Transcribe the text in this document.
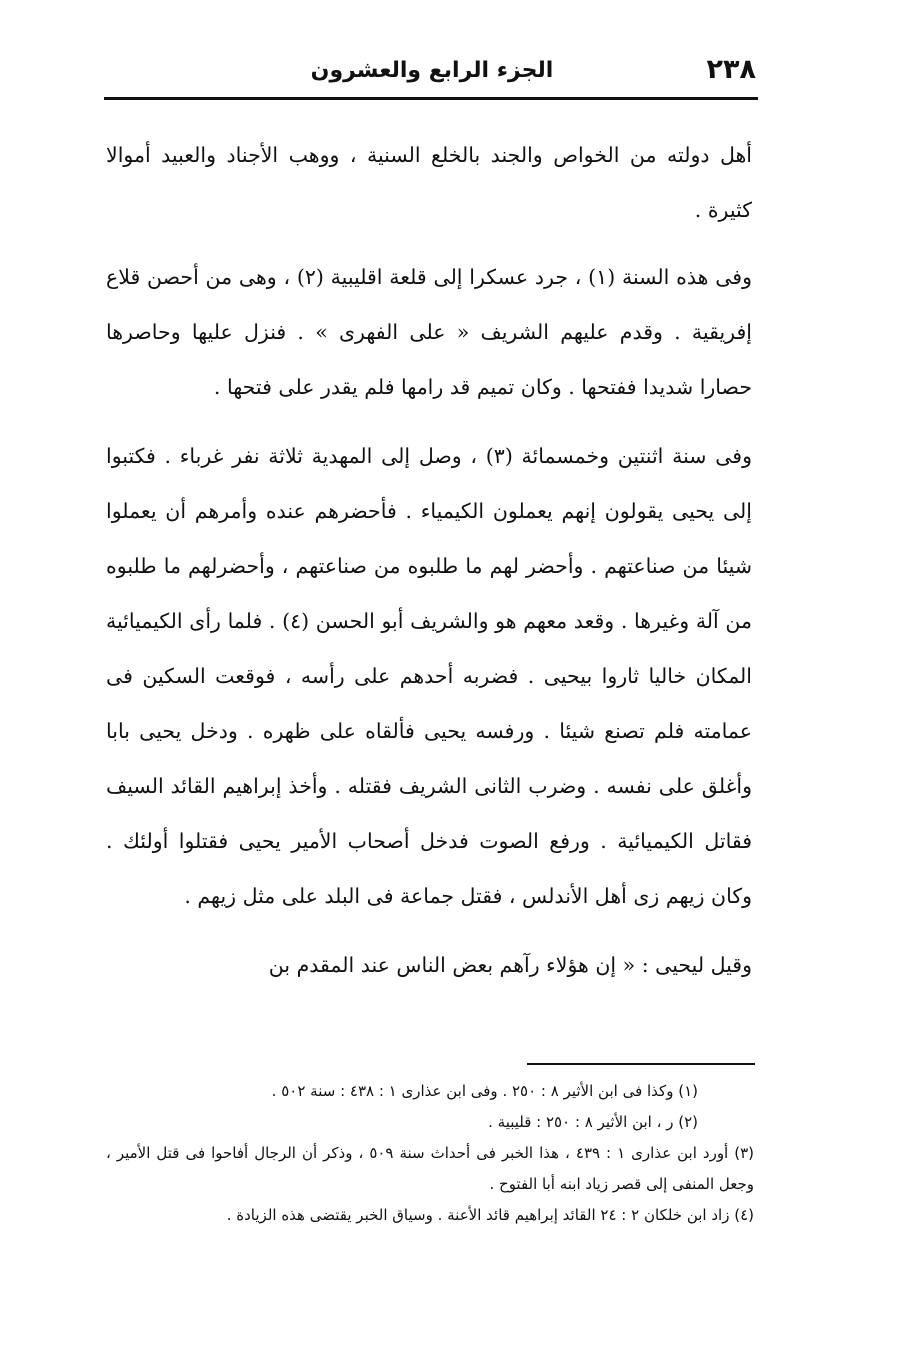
٢٣٨
الجزء الرابع والعشرون

أهل دولته من الخواص والجند بالخلع السنية ، ووهب الأجناد والعبيد أموالا كثيرة .

وفى هذه السنة (١) ، جرد عسكرا إلى قلعة اقليبية (٢) ، وهى من أحصن قلاع إفريقية . وقدم عليهم الشريف « على الفهرى » . فنزل عليها وحاصرها حصارا شديدا ففتحها . وكان تميم قد رامها فلم يقدر على فتحها .

وفى سنة اثنتين وخمسمائة (٣) ، وصل إلى المهدية ثلاثة نفر غرباء . فكتبوا إلى يحيى يقولون إنهم يعملون الكيمياء . فأحضرهم عنده وأمرهم أن يعملوا شيئا من صناعتهم . وأحضر لهم ما طلبوه من صناعتهم ، وأحضرلهم ما طلبوه من آلة وغيرها . وقعد معهم هو والشريف أبو الحسن (٤) . فلما رأى الكيميائية المكان خاليا ثاروا بيحيى . فضربه أحدهم على رأسه ، فوقعت السكين فى عمامته فلم تصنع شيئا . ورفسه يحيى فألقاه على ظهره . ودخل يحيى بابا وأغلق على نفسه . وضرب الثانى الشريف فقتله . وأخذ إبراهيم القائد السيف فقاتل الكيميائية . ورفع الصوت فدخل أصحاب الأمير يحيى فقتلوا أولئك . وكان زيهم زى أهل الأندلس ، فقتل جماعة فى البلد على مثل زيهم .

وقيل ليحيى : « إن هؤلاء رآهم بعض الناس عند المقدم بن

(١) وكذا فى ابن الأثير ٨ : ٢٥٠ . وفى ابن عذارى ١ : ٤٣٨ : سنة ٥٠٢ .

(٢) ر ، ابن الأثير ٨ : ٢٥٠ : قليبية .

(٣) أورد ابن عذارى ١ : ٤٣٩ ، هذا الخبر فى أحداث سنة ٥٠٩ ، وذكر أن الرجال أفاحوا فى قتل الأمير ، وجعل المنفى إلى قصر زياد ابنه أبا الفتوح .

(٤) زاد ابن خلكان ٢ : ٢٤ القائد إبراهيم قائد الأعنة . وسياق الخبر يقتضى هذه الزيادة .
